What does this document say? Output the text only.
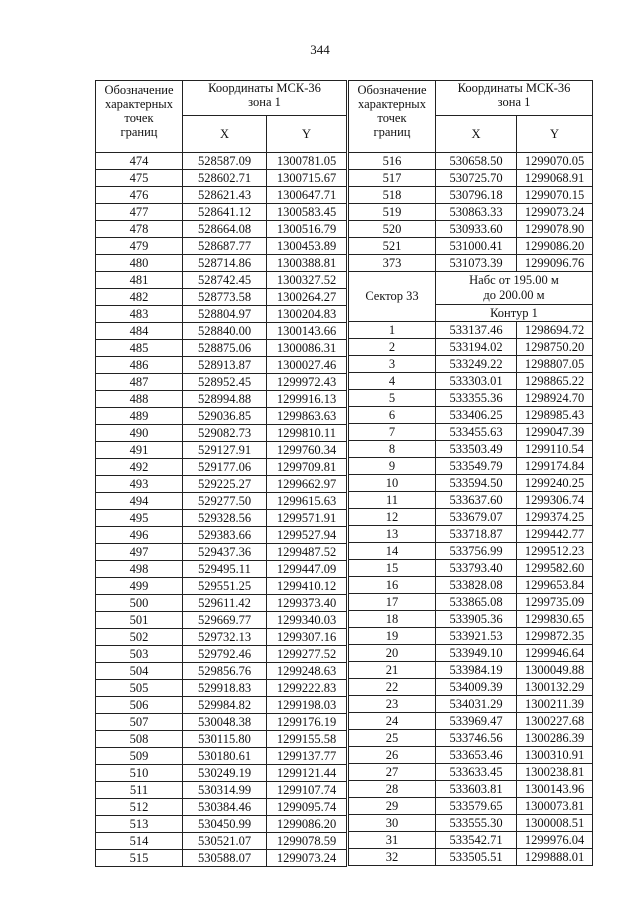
344
Обозначение
характерных
точек
границ	Координаты МСК-36
зона 1	
	X	Y
474	528587.09	1300781.05
475	528602.71	1300715.67
476	528621.43	1300647.71
477	528641.12	1300583.45
478	528664.08	1300516.79
479	528687.77	1300453.89
480	528714.86	1300388.81
481	528742.45	1300327.52
482	528773.58	1300264.27
483	528804.97	1300204.83
484	528840.00	1300143.66
485	528875.06	1300086.31
486	528913.87	1300027.46
487	528952.45	1299972.43
488	528994.88	1299916.13
489	529036.85	1299863.63
490	529082.73	1299810.11
491	529127.91	1299760.34
492	529177.06	1299709.81
493	529225.27	1299662.97
494	529277.50	1299615.63
495	529328.56	1299571.91
496	529383.66	1299527.94
497	529437.36	1299487.52
498	529495.11	1299447.09
499	529551.25	1299410.12
500	529611.42	1299373.40
501	529669.77	1299340.03
502	529732.13	1299307.16
503	529792.46	1299277.52
504	529856.76	1299248.63
505	529918.83	1299222.83
506	529984.82	1299198.03
507	530048.38	1299176.19
508	530115.80	1299155.58
509	530180.61	1299137.77
510	530249.19	1299121.44
511	530314.99	1299107.74
512	530384.46	1299095.74
513	530450.99	1299086.20
514	530521.07	1299078.59
515	530588.07	1299073.24
Обозначение
характерных
точек
границ	Координаты МСК-36
зона 1	
	X	Y
516	530658.50	1299070.05
517	530725.70	1299068.91
518	530796.18	1299070.15
519	530863.33	1299073.24
520	530933.60	1299078.90
521	531000.41	1299086.20
373	531073.39	1299096.76
Сектор 33	Набс от 195.00 м
до 200.00 м	
	Контур 1	
1	533137.46	1298694.72
2	533194.02	1298750.20
3	533249.22	1298807.05
4	533303.01	1298865.22
5	533355.36	1298924.70
6	533406.25	1298985.43
7	533455.63	1299047.39
8	533503.49	1299110.54
9	533549.79	1299174.84
10	533594.50	1299240.25
11	533637.60	1299306.74
12	533679.07	1299374.25
13	533718.87	1299442.77
14	533756.99	1299512.23
15	533793.40	1299582.60
16	533828.08	1299653.84
17	533865.08	1299735.09
18	533905.36	1299830.65
19	533921.53	1299872.35
20	533949.10	1299946.64
21	533984.19	1300049.88
22	534009.39	1300132.29
23	534031.29	1300211.39
24	533969.47	1300227.68
25	533746.56	1300286.39
26	533653.46	1300310.91
27	533633.45	1300238.81
28	533603.81	1300143.96
29	533579.65	1300073.81
30	533555.30	1300008.51
31	533542.71	1299976.04
32	533505.51	1299888.01
